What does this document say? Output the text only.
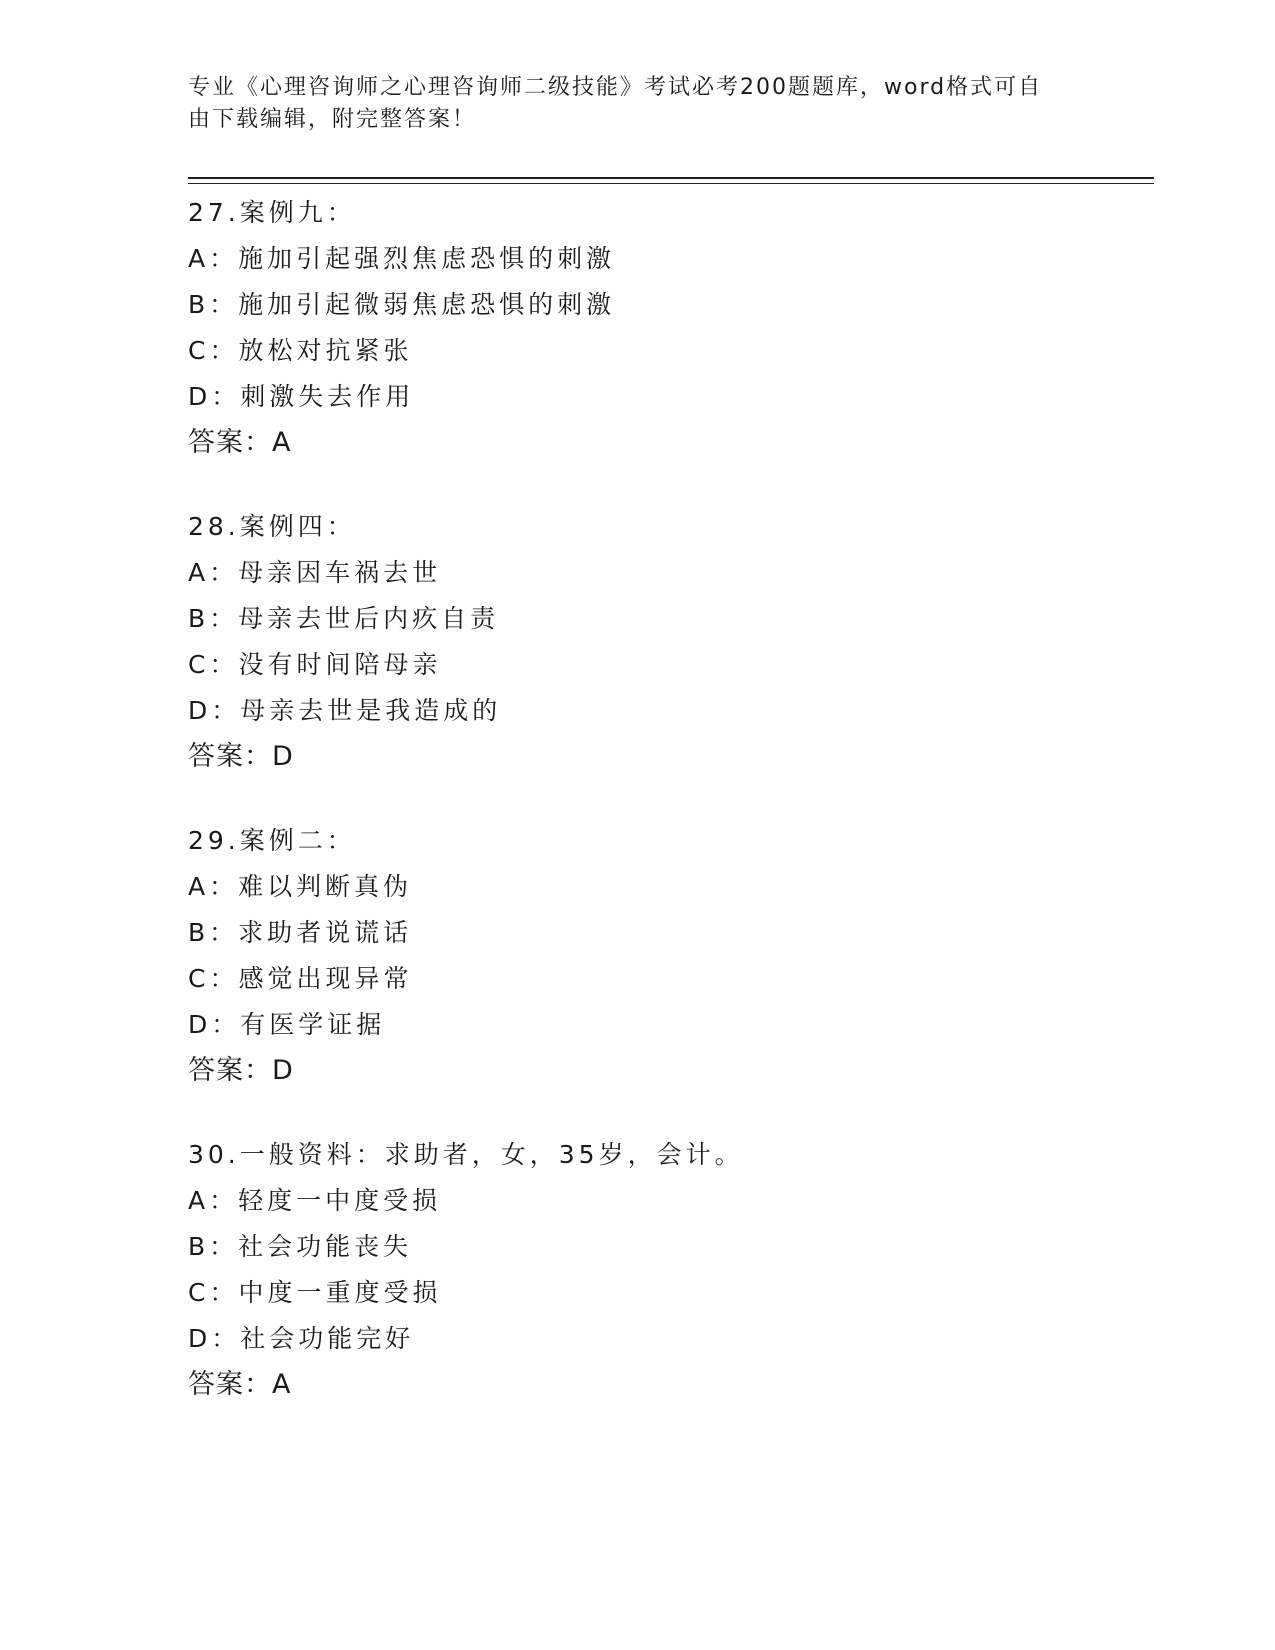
专业《心理咨询师之心理咨询师二级技能》考试必考200题题库，word格式可自
由下载编辑，附完整答案！
27.案例九：
A：施加引起强烈焦虑恐惧的刺激
B：施加引起微弱焦虑恐惧的刺激
C：放松对抗紧张
D：刺激失去作用
答案：A
28.案例四：
A：母亲因车祸去世
B：母亲去世后内疚自责
C：没有时间陪母亲
D：母亲去世是我造成的
答案：D
29.案例二：
A：难以判断真伪
B：求助者说谎话
C：感觉出现异常
D：有医学证据
答案：D
30.一般资料：求助者，女，35岁，会计。
A：轻度一中度受损
B：社会功能丧失
C：中度一重度受损
D：社会功能完好
答案：A
